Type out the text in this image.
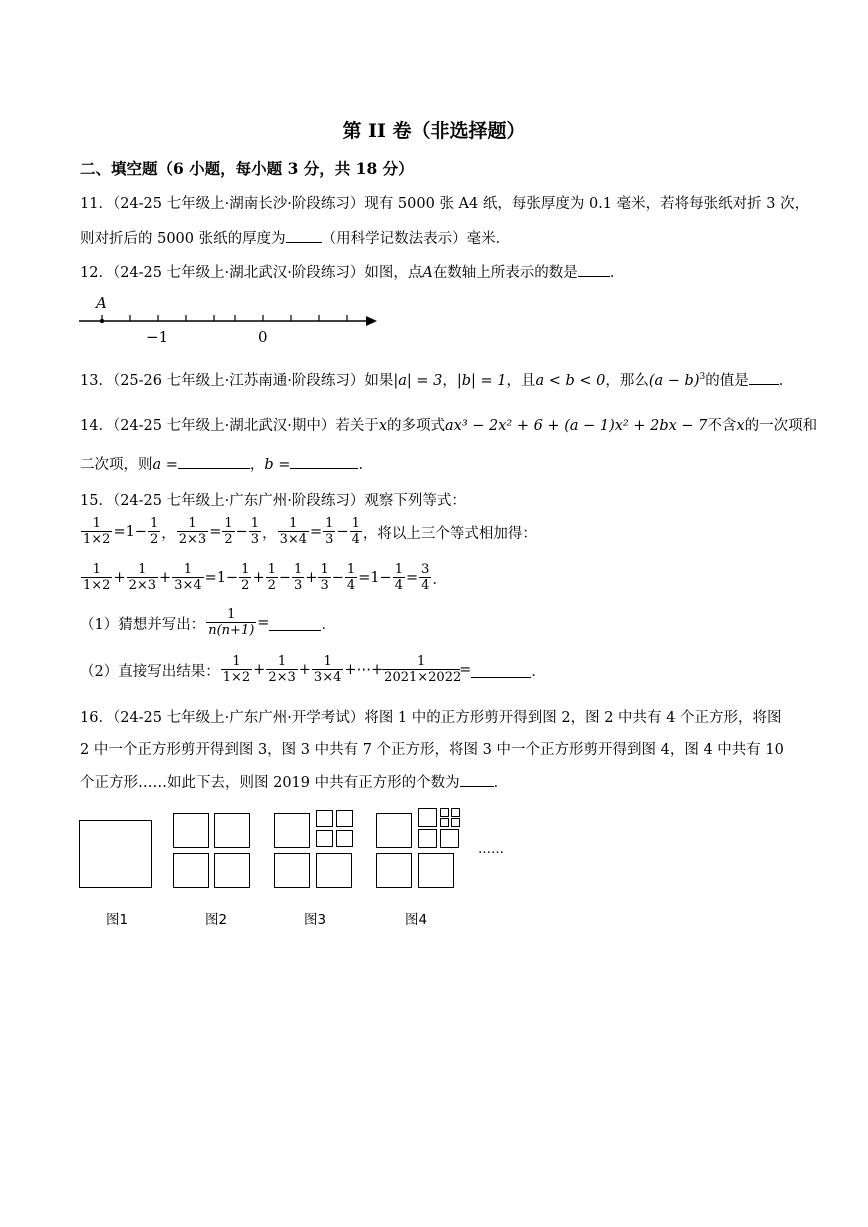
第 II 卷（非选择题）
二、填空题（6 小题，每小题 3 分，共 18 分）
11．（24-25 七年级上·湖南长沙·阶段练习）现有 5000 张 A4 纸，每张厚度为 0.1 毫米，若将每张纸对折 3 次，
则对折后的 5000 张纸的厚度为 （用科学记数法表示）毫米．
12．（24-25 七年级上·湖北武汉·阶段练习）如图，点A在数轴上所表示的数是 ．
A
−1	0
13．（25-26 七年级上·江苏南通·阶段练习）如果|a| = 3，|b| = 1，且a < b < 0，那么$(a - b)^3$的值是 ．
14．（24-25 七年级上·湖北武汉·期中）若关于x的多项式ax³ − 2x² + 6 + (a − 1)x² + 2bx − 7不含x的一次项和
二次项，则a =	，b =	．
15．（24-25 七年级上·广东广州·阶段练习）观察下列等式：
$\frac{1}{1\times 2} =1- \frac{1}{2}$ ， $\frac{1}{2\times 3} = \frac{1}{2} - \frac{1}{3}$ ， $\frac{1}{3\times 4} = \frac{1}{3} - \frac{1}{4}$ ，将以上三个等式相加得：
$\frac{1}{1\times 2} + \frac{1}{2\times 3} + \frac{1}{3\times 4} =1- \frac{1}{2} + \frac{1}{2} - \frac{1}{3} + \frac{1}{3} - \frac{1}{4} =1- \frac{1}{4} = \frac{3}{4}$ ．
（1）猜想并写出： $\frac{1}{n(n+1)}$ =	．
（2）直接写出结果： $\frac{1}{1\times 2} + \frac{1}{2\times 3} + \frac{1}{3\times 4}$ +⋯+ $\frac{1}{2021\times 2022}$ =	．
16．（24-25 七年级上·广东广州·开学考试）将图 1 中的正方形剪开得到图 2，图 2 中共有 4 个正方形，将图
2 中一个正方形剪开得到图 3，图 3 中共有 7 个正方形，将图 3 中一个正方形剪开得到图 4，图 4 中共有 10
个正方形……如此下去，则图 2019 中共有正方形的个数为 ．
……
图1	图2	图3	图4
